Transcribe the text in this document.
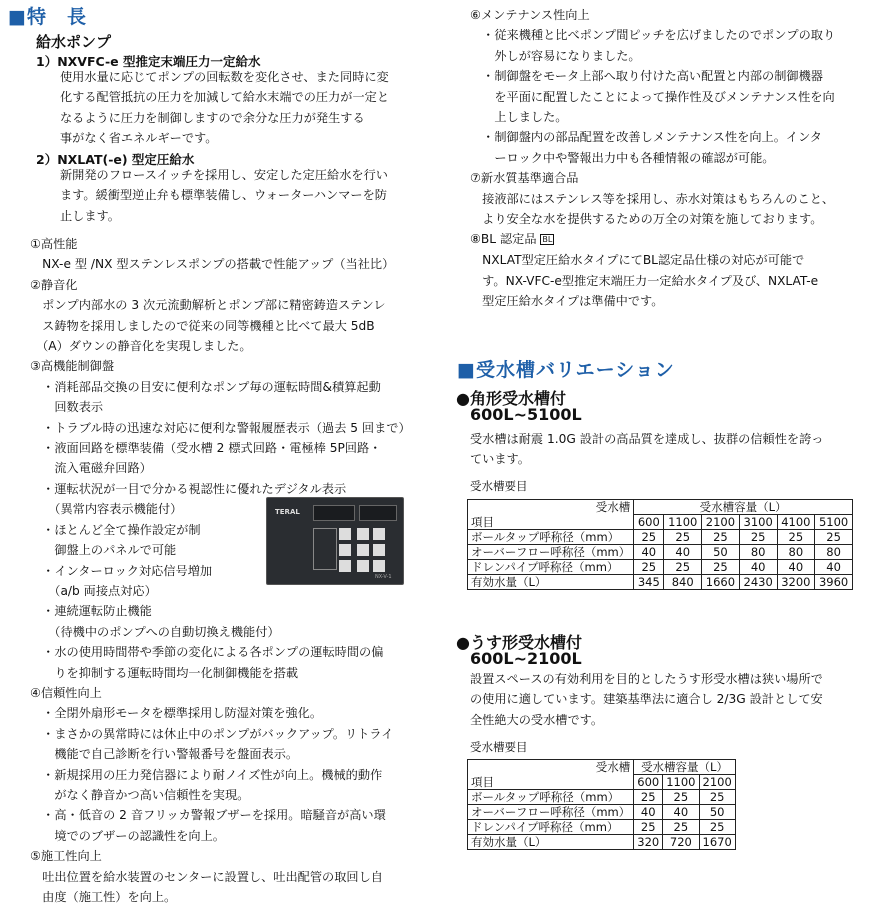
■特　長
給水ポンプ
1）NXVFC-e 型推定末端圧力一定給水
使用水量に応じてポンプの回転数を変化させ、また同時に変
化する配管抵抗の圧力を加減して給水末端での圧力が一定と
なるように圧力を制御しますので余分な圧力が発生する
事がなく省エネルギーです。
2）NXLAT(-e) 型定圧給水
新開発のフロースイッチを採用し、安定した定圧給水を行い
ます。緩衝型逆止弁も標準装備し、ウォーターハンマーを防
止します。
①高性能
　NX-e 型 /NX 型ステンレスポンプの搭載で性能アップ（当社比）
②静音化
　ポンプ内部水の 3 次元流動解析とポンプ部に精密鋳造ステンレ
　ス鋳物を採用しましたので従来の同等機種と比べて最大 5dB
　（A）ダウンの静音化を実現しました。
③高機能制御盤
　・消耗部品交換の目安に便利なポンプ毎の運転時間&積算起動
　　回数表示
　・トラブル時の迅速な対応に便利な警報履歴表示（過去 5 回まで）
　・液面回路を標準装備（受水槽 2 標式回路・電極棒 5P回路・
　　流入電磁弁回路）
　・運転状況が一目で分かる視認性に優れたデジタル表示
　　（異常内容表示機能付）
　・ほとんど全て操作設定が制
　　御盤上のパネルで可能
　・インターロック対応信号増加
　　（a/b 両接点対応）
　・連続運転防止機能
　　（待機中のポンプへの自動切換え機能付）
　・水の使用時間帯や季節の変化による各ポンプの運転時間の偏
　　りを抑制する運転時間均一化制御機能を搭載
④信頼性向上
　・全閉外扇形モータを標準採用し防湿対策を強化。
　・まさかの異常時には休止中のポンプがバックアップ。リトライ
　　機能で自己診断を行い警報番号を盤面表示。
　・新規採用の圧力発信器により耐ノイズ性が向上。機械的動作
　　がなく静音かつ高い信頼性を実現。
　・高・低音の 2 音フリッカ警報ブザーを採用。暗騒音が高い環
　　境でのブザーの認識性を向上。
⑤施工性向上
　吐出位置を給水装置のセンターに設置し、吐出配管の取回し自
　由度（施工性）を向上。
TERAL
NX-V-1
⑥メンテナンス性向上
　・従来機種と比べポンプ間ピッチを広げましたのでポンプの取り
　　外しが容易になりました。
　・制御盤をモータ上部へ取り付けた高い配置と内部の制御機器
　　を平面に配置したことによって操作性及びメンテナンス性を向
　　上しました。
　・制御盤内の部品配置を改善しメンテナンス性を向上。インタ
　　ーロック中や警報出力中も各種情報の確認が可能。
⑦新水質基準適合品
　接液部にはステンレス等を採用し、赤水対策はもちろんのこと、
　より安全な水を提供するための万全の対策を施しております。
⑧BL 認定品 BL
　NXLAT型定圧給水タイプにてBL認定品仕様の対応が可能で
　す。NX-VFC-e型推定末端圧力一定給水タイプ及び、NXLAT-e
　型定圧給水タイプは準備中です。
■受水槽バリエーション
●角形受水槽付
600L~5100L
受水槽は耐震 1.0G 設計の高品質を達成し、抜群の信頼性を誇っ
ています。
受水槽要目
受水槽	受水槽容量（L）					
項目	600	1100	2100	3100	4100	5100
ボールタップ呼称径（mm）	25	25	25	25	25	25
オーバーフロー呼称径（mm）	40	40	50	80	80	80
ドレンパイプ呼称径（mm）	25	25	25	40	40	40
有効水量（L）	345	840	1660	2430	3200	3960
●うす形受水槽付
600L~2100L
設置スペースの有効利用を目的としたうす形受水槽は狭い場所で
の使用に適しています。建築基準法に適合し 2/3G 設計として安
全性絶大の受水槽です。
受水槽要目
受水槽	受水槽容量（L）		
項目	600	1100	2100
ボールタップ呼称径（mm）	25	25	25
オーバーフロー呼称径（mm）	40	40	50
ドレンパイプ呼称径（mm）	25	25	25
有効水量（L）	320	720	1670
